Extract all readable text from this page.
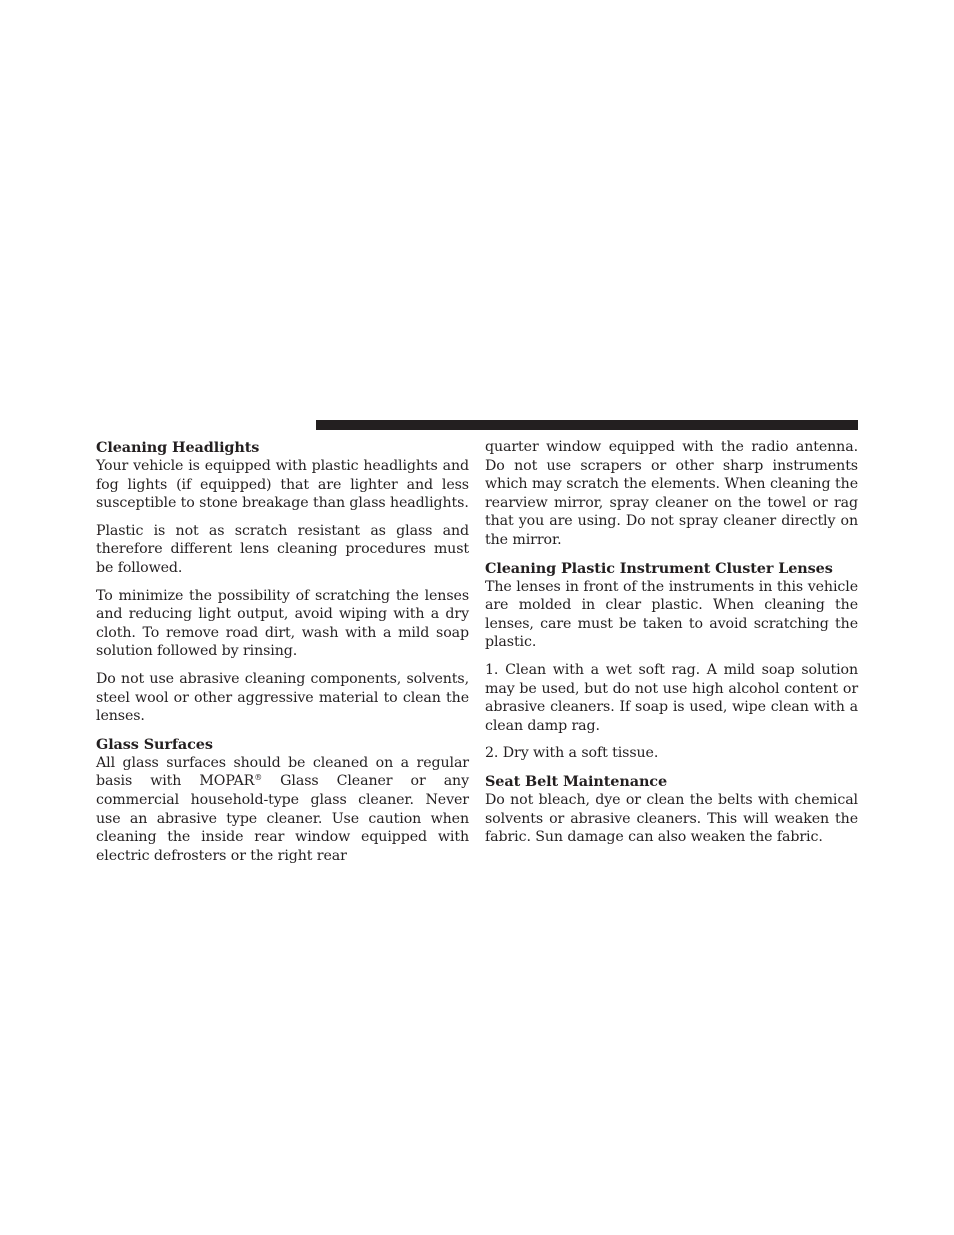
Cleaning Headlights

Your vehicle is equipped with plastic headlights and fog lights (if equipped) that are lighter and less susceptible to stone breakage than glass headlights.

Plastic is not as scratch resistant as glass and therefore different lens cleaning procedures must be followed.

To minimize the possibility of scratching the lenses and reducing light output, avoid wiping with a dry cloth. To remove road dirt, wash with a mild soap solution followed by rinsing.

Do not use abrasive cleaning components, solvents, steel wool or other aggressive material to clean the lenses.

Glass Surfaces

All glass surfaces should be cleaned on a regular basis with MOPAR® Glass Cleaner or any commercial household-type glass cleaner. Never use an abrasive type cleaner. Use caution when cleaning the inside rear window equipped with electric defrosters or the right rear

quarter window equipped with the radio antenna. Do not use scrapers or other sharp instruments which may scratch the elements. When cleaning the rearview mirror, spray cleaner on the towel or rag that you are using. Do not spray cleaner directly on the mirror.

Cleaning Plastic Instrument Cluster Lenses

The lenses in front of the instruments in this vehicle are molded in clear plastic. When cleaning the lenses, care must be taken to avoid scratching the plastic.

1. Clean with a wet soft rag. A mild soap solution may be used, but do not use high alcohol content or abrasive cleaners. If soap is used, wipe clean with a clean damp rag.

2. Dry with a soft tissue.

Seat Belt Maintenance

Do not bleach, dye or clean the belts with chemical solvents or abrasive cleaners. This will weaken the fabric. Sun damage can also weaken the fabric.
